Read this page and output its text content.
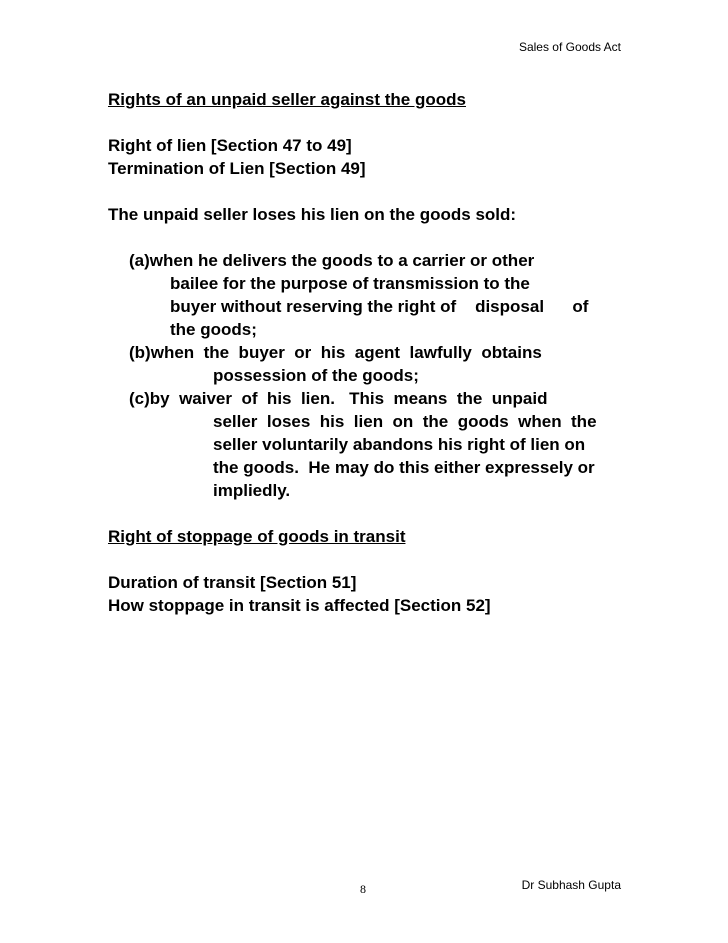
Sales of Goods Act

Rights of an unpaid seller against the goods

Right of lien [Section 47 to 49]

Termination of Lien [Section 49]

The unpaid seller loses his lien on the goods sold:

(a) when he delivers the goods to a carrier or other
bailee for the purpose of transmission to the
buyer without reserving the right of    disposal      of
the goods;
(b) when  the  buyer  or  his  agent  lawfully  obtains
possession of the goods;
(c) by  waiver  of  his  lien.   This  means  the  unpaid
seller  loses  his  lien  on  the  goods  when  the
seller voluntarily abandons his right of lien on
the goods.  He may do this either expressely or
impliedly.

Right of stoppage of goods in transit

Duration of transit [Section 51]

How stoppage in transit is affected [Section 52]

8	Dr Subhash Gupta
